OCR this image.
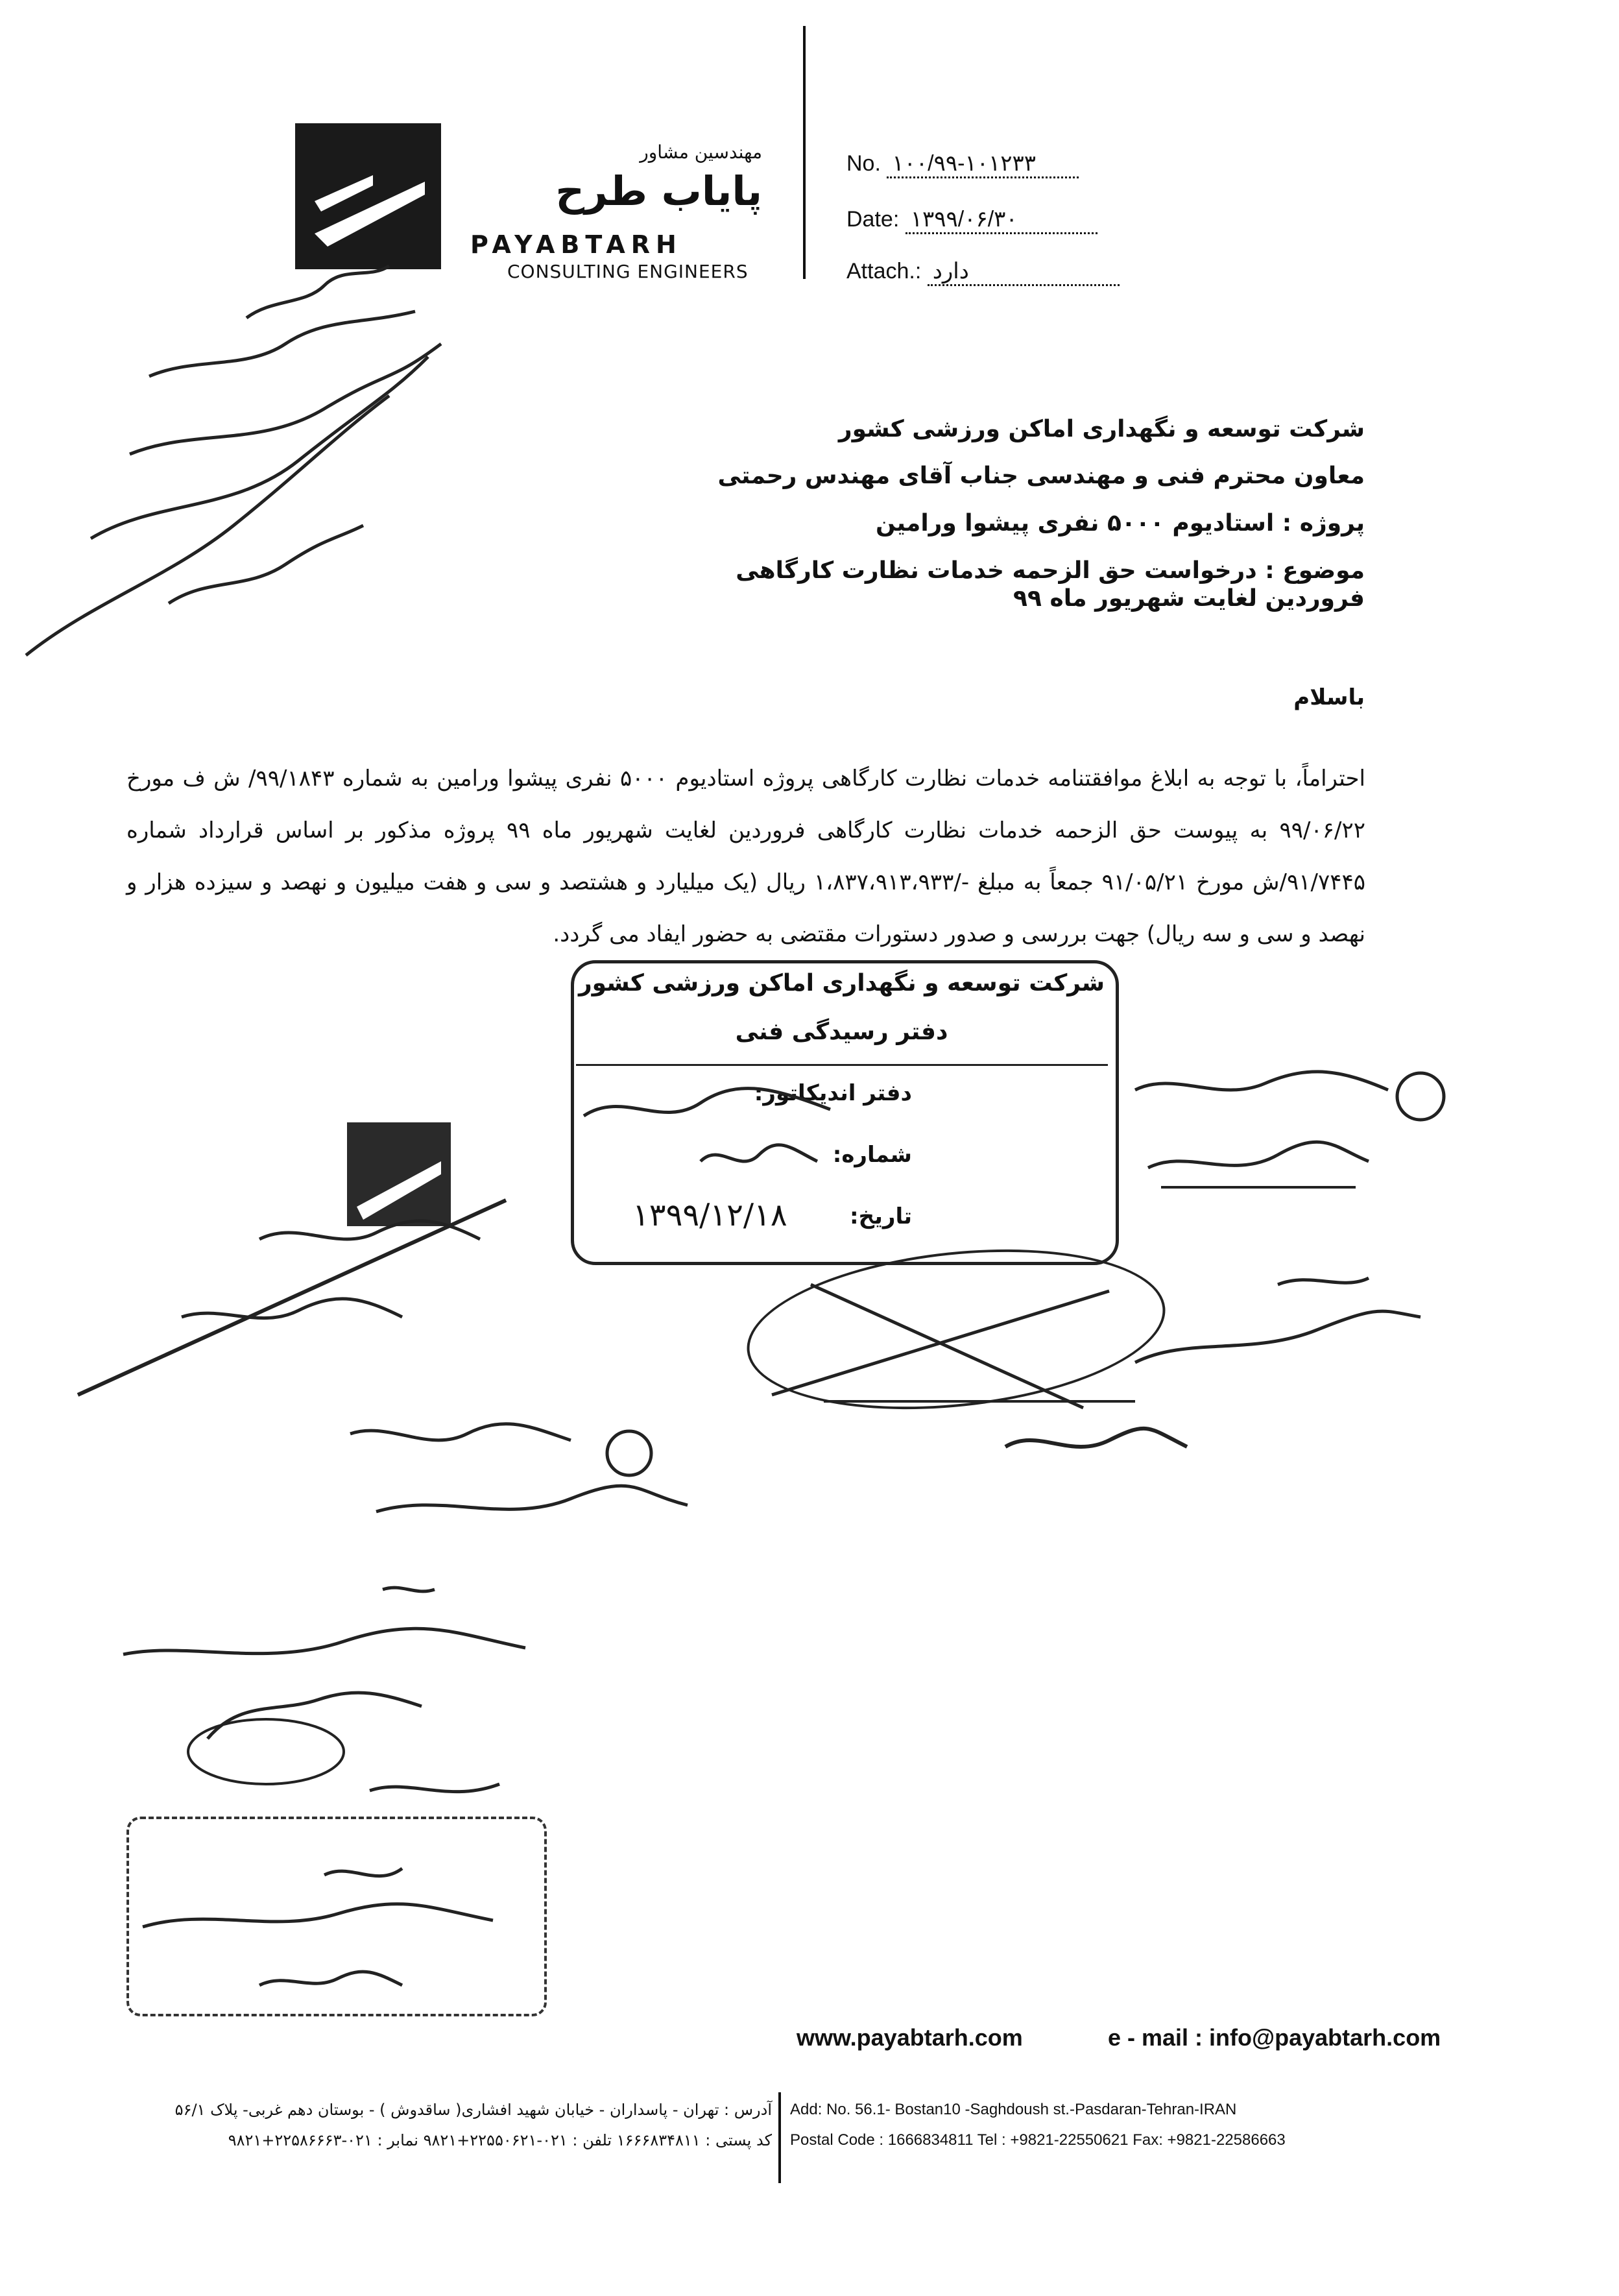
مهندسین مشاور
پایاب طرح
PAYABTARH
CONSULTING ENGINEERS
No. ۱۰۰/۹۹-۱۰۱۲۳۳
Date: ۱۳۹۹/۰۶/۳۰
Attach.: دارد
شرکت توسعه و نگهداری اماکن ورزشی کشور
معاون محترم فنی و مهندسی جناب آقای مهندس رحمتی
پروژه : استادیوم ۵۰۰۰ نفری پیشوا ورامین
موضوع : درخواست حق الزحمه خدمات نظارت کارگاهی فروردین لغایت شهریور ماه ۹۹
باسلام
احتراماً، با توجه به ابلاغ موافقتنامه خدمات نظارت کارگاهی پروژه استادیوم ۵۰۰۰ نفری پیشوا ورامین به شماره ۹۹/۱۸۴۳/ ش ف مورخ ۹۹/۰۶/۲۲ به پیوست حق الزحمه خدمات نظارت کارگاهی فروردین لغایت شهریور ماه ۹۹ پروژه مذکور بر اساس قرارداد شماره ۹۱/۷۴۴۵/ش مورخ ۹۱/۰۵/۲۱ جمعاً به مبلغ -/۱،۸۳۷،۹۱۳،۹۳۳ ریال (یک میلیارد و هشتصد و سی و هفت میلیون و نهصد و سیزده هزار و نهصد و سی و سه ریال) جهت بررسی و صدور دستورات مقتضی به حضور ایفاد می گردد.
شرکت توسعه و نگهداری اماکن ورزشی کشور
دفتر رسیدگی فنی
دفتر اندیکاتور:
شماره:
تاریخ:
۱۳۹۹/۱۲/۱۸
www.payabtarh.com	e - mail : info@payabtarh.com
آدرس : تهران - پاسداران - خیابان شهید افشاری( ساقدوش ) - بوستان دهم غربی- پلاک ۵۶/۱
کد پستی : ۱۶۶۶۸۳۴۸۱۱ تلفن : ۰۲۱-۲۲۵۵۰۶۲۱+۹۸۲۱ نمابر : ۰۲۱-۲۲۵۸۶۶۶۳+۹۸۲۱
Add: No. 56.1- Bostan10 -Saghdoush st.-Pasdaran-Tehran-IRAN
Postal Code : 1666834811 Tel : +9821-22550621 Fax: +9821-22586663
